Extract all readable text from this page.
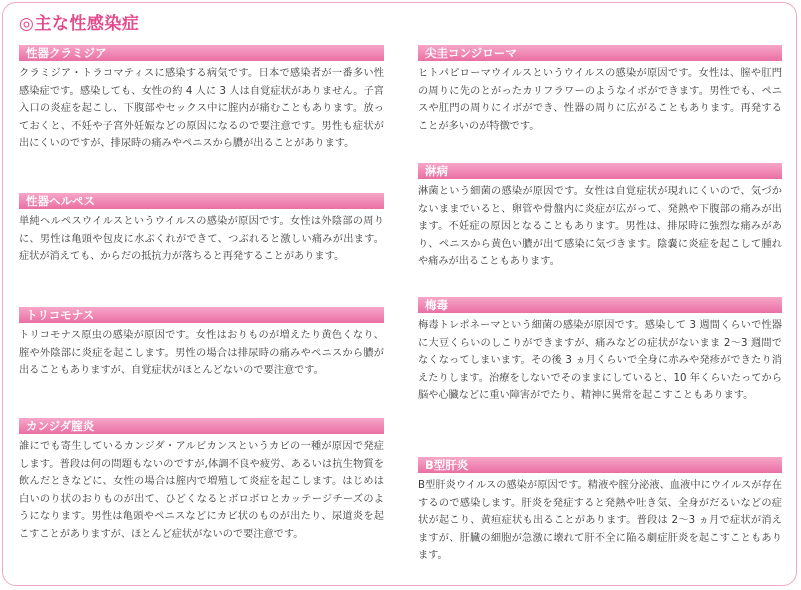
◎主な性感染症
性器クラミジア

クラミジア・トラコマティスに感染する病気です。日本で感染者が一番多い性感染症です。感染しても、女性の約 4 人に 3 人は自覚症状がありません。子宮入口の炎症を起こし、下腹部やセックス中に腟内が痛むこともあります。放っておくと、不妊や子宮外妊娠などの原因になるので要注意です。男性も症状が出にくいのですが、排尿時の痛みやペニスから膿が出ることがあります。

性器ヘルペス

単純ヘルペスウイルスというウイルスの感染が原因です。女性は外陰部の周りに、男性は亀頭や包皮に水ぶくれができて、つぶれると激しい痛みが出ます。症状が消えても、からだの抵抗力が落ちると再発することがあります。

トリコモナス

トリコモナス原虫の感染が原因です。女性はおりものが増えたり黄色くなり、腟や外陰部に炎症を起こします。男性の場合は排尿時の痛みやペニスから膿が出ることもありますが、自覚症状がほとんどないので要注意です。

カンジダ腟炎

誰にでも寄生しているカンジダ・アルビカンスというカビの一種が原因で発症します。普段は何の問題もないのですが,体調不良や疲労、あるいは抗生物質を飲んだときなどに、女性の場合は腟内で増殖して炎症を起こします。はじめは白いのり状のおりものが出て、ひどくなるとボロボロとカッテージチーズのようになります。男性は亀頭やペニスなどにカビ状のものが出たり、尿道炎を起こすことがありますが、ほとんど症状がないので要注意です。

尖圭コンジローマ

ヒトパピローマウイルスというウイルスの感染が原因です。女性は、膣や肛門の周りに先のとがったカリフラワーのようなイボができます。男性でも、ペニスや肛門の周りにイボができ、性器の周りに広がることもあります。再発することが多いのが特徴です。

淋病

淋菌という細菌の感染が原因です。女性は自覚症状が現れにくいので、気づかないままでいると、卵管や骨盤内に炎症が広がって、発熱や下腹部の痛みが出ます。不妊症の原因となることもあります。男性は、排尿時に強烈な痛みがあり、ペニスから黄色い膿が出て感染に気づきます。陰嚢に炎症を起こして腫れや痛みが出ることもあります。

梅毒

梅毒トレポネーマという細菌の感染が原因です。感染して 3 週間くらいで性器に大豆くらいのしこりができますが、痛みなどの症状がないまま 2〜3 週間でなくなってしまいます。その後 3 ヵ月くらいで全身に赤みや発疹ができたり消えたりします。治療をしないでそのままにしていると、10 年くらいたってから脳や心臓などに重い障害がでたり、精神に異常を起こすこともあります。

B型肝炎

B型肝炎ウイルスの感染が原因です。精液や腟分泌液、血液中にウイルスが存在するので感染します。肝炎を発症すると発熱や吐き気、全身がだるいなどの症状が起こり、黄疸症状も出ることがあります。普段は 2〜3 ヵ月で症状が消えますが、肝臓の細胞が急激に壊れて肝不全に陥る劇症肝炎を起こすこともあります。
